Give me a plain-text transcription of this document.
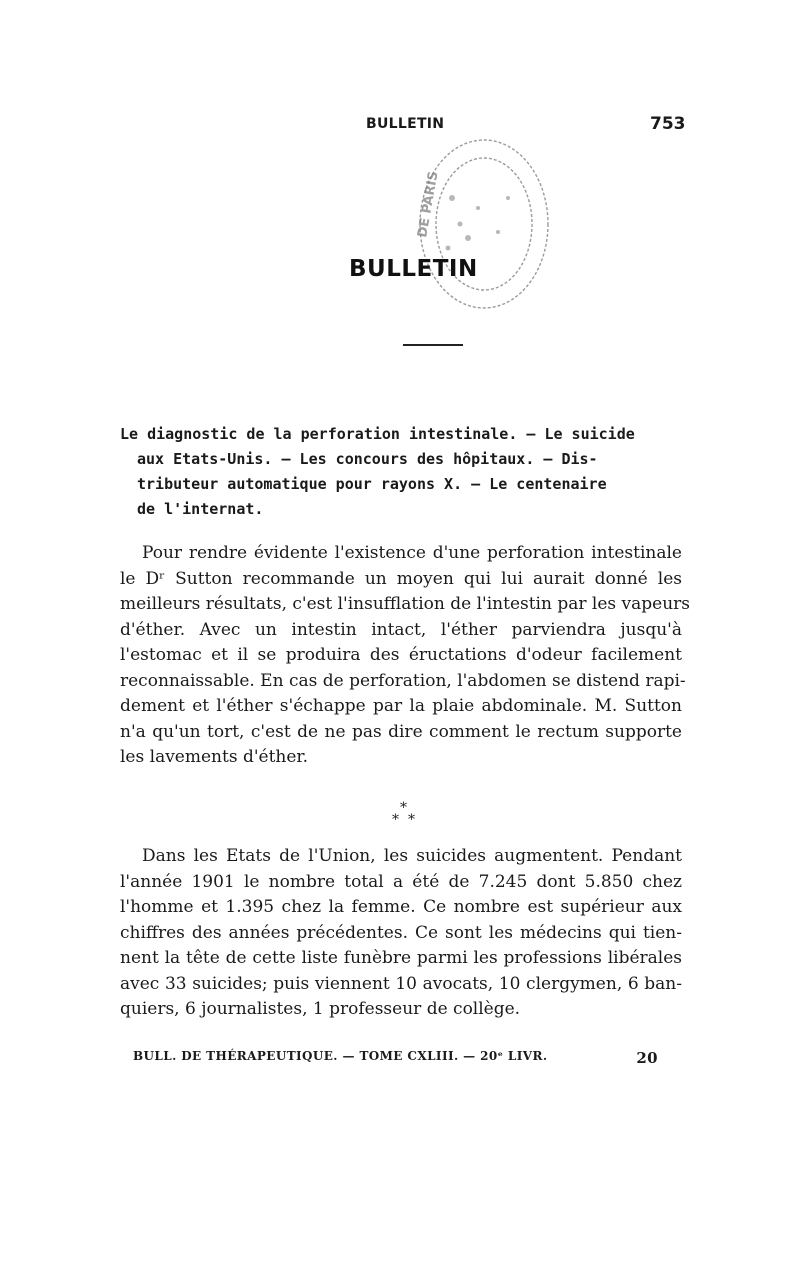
BULLETIN	753
DE PARIS
BULLETIN
Le diagnostic de la perforation intestinale. — Le suicide
aux Etats-Unis. — Les concours des hôpitaux. — Dis-
tributeur automatique pour rayons X. — Le centenaire
de l'internat.
Pour rendre évidente l'existence d'une perforation intestinale
le Dʳ Sutton recommande un moyen qui lui aurait donné les
meilleurs résultats, c'est l'insufflation de l'intestin par les vapeurs
d'éther. Avec un intestin intact, l'éther parviendra jusqu'à
l'estomac et il se produira des éructations d'odeur facilement
reconnaissable. En cas de perforation, l'abdomen se distend rapi-
dement et l'éther s'échappe par la plaie abdominale. M. Sutton
n'a qu'un tort, c'est de ne pas dire comment le rectum supporte
les lavements d'éther.
*
* *
Dans les Etats de l'Union, les suicides augmentent. Pendant
l'année 1901 le nombre total a été de 7.245 dont 5.850 chez
l'homme et 1.395 chez la femme. Ce nombre est supérieur aux
chiffres des années précédentes. Ce sont les médecins qui tien-
nent la tête de cette liste funèbre parmi les professions libérales
avec 33 suicides; puis viennent 10 avocats, 10 clergymen, 6 ban-
quiers, 6 journalistes, 1 professeur de collège.
BULL. DE THÉRAPEUTIQUE. — TOME CXLIII. — 20ᵉ LIVR.	20
